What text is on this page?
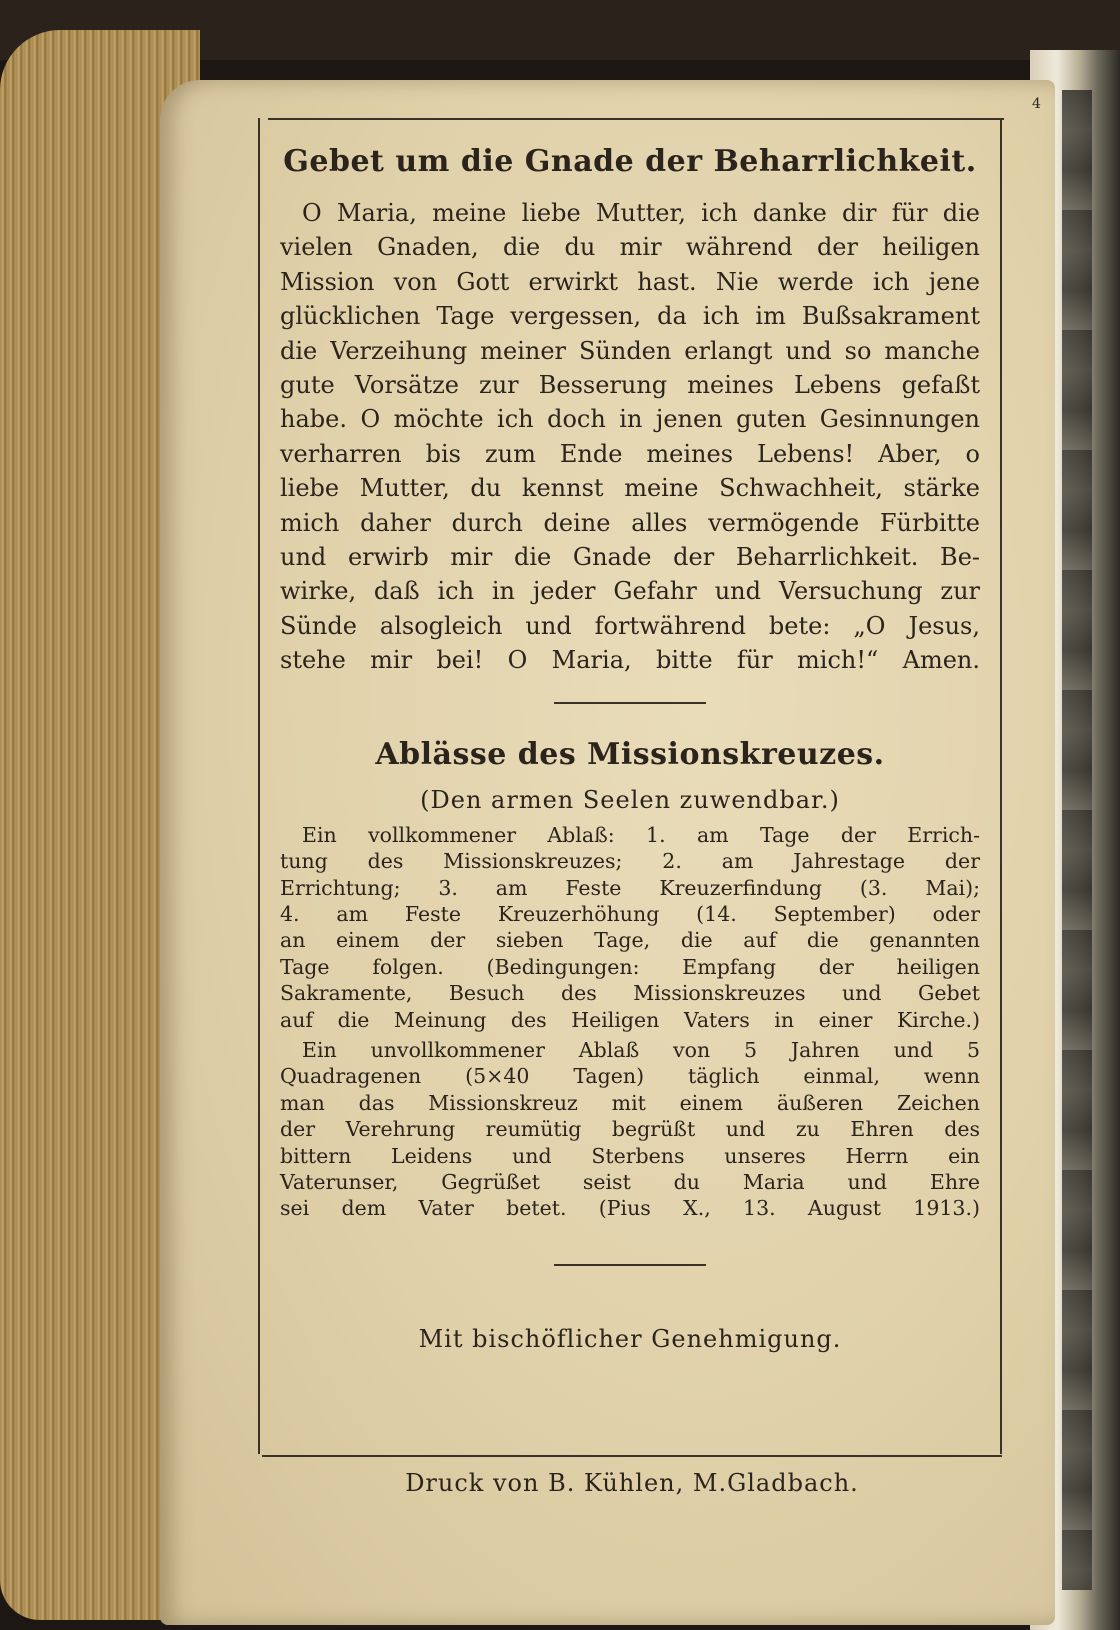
4
Gebet um die Gnade der Beharrlichkeit.
O Maria, meine liebe Mutter, ich danke dir für die
vielen Gnaden, die du mir während der heiligen
Mission von Gott erwirkt hast. Nie werde ich jene
glücklichen Tage vergessen, da ich im Bußsakrament
die Verzeihung meiner Sünden erlangt und so manche
gute Vorsätze zur Besserung meines Lebens gefaßt
habe. O möchte ich doch in jenen guten Gesinnungen
verharren bis zum Ende meines Lebens! Aber, o
liebe Mutter, du kennst meine Schwachheit, stärke
mich daher durch deine alles vermögende Fürbitte
und erwirb mir die Gnade der Beharrlichkeit. Be-
wirke, daß ich in jeder Gefahr und Versuchung zur
Sünde alsogleich und fortwährend bete: „O Jesus,
stehe mir bei! O Maria, bitte für mich!“ Amen.
Ablässe des Missionskreuzes.
(Den armen Seelen zuwendbar.)
Ein vollkommener Ablaß: 1. am Tage der Errich-
tung des Missionskreuzes; 2. am Jahrestage der
Errichtung; 3. am Feste Kreuzerfindung (3. Mai);
4. am Feste Kreuzerhöhung (14. September) oder
an einem der sieben Tage, die auf die genannten
Tage folgen. (Bedingungen: Empfang der heiligen
Sakramente, Besuch des Missionskreuzes und Gebet
auf die Meinung des Heiligen Vaters in einer Kirche.)
Ein unvollkommener Ablaß von 5 Jahren und 5
Quadragenen (5×40 Tagen) täglich einmal, wenn
man das Missionskreuz mit einem äußeren Zeichen
der Verehrung reumütig begrüßt und zu Ehren des
bittern Leidens und Sterbens unseres Herrn ein
Vaterunser, Gegrüßet seist du Maria und Ehre
sei dem Vater betet. (Pius X., 13. August 1913.)
Mit bischöflicher Genehmigung.
Druck von B. Kühlen, M.Gladbach.
